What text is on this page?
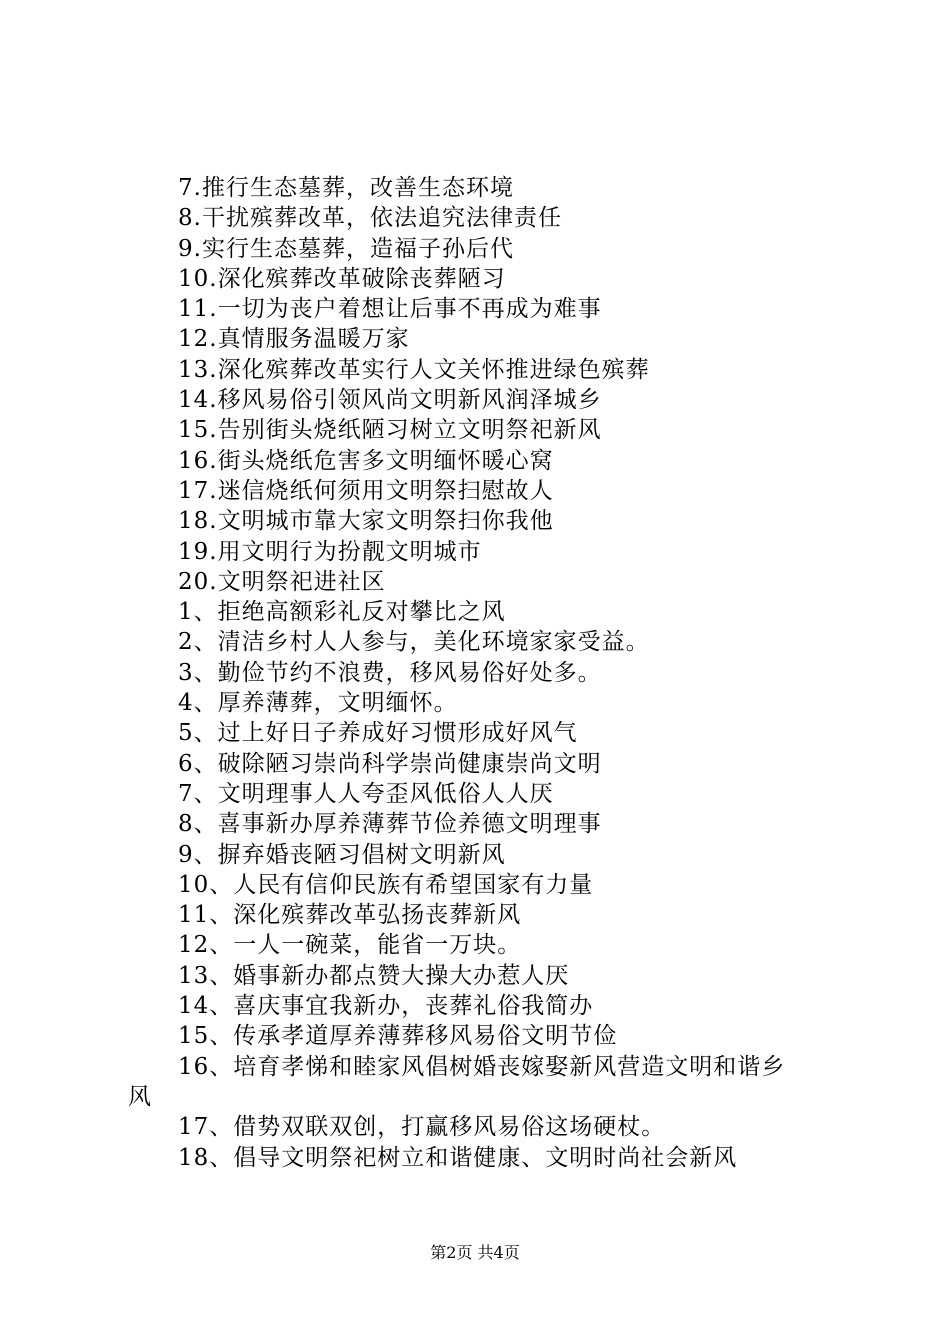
7.推行生态墓葬，改善生态环境
8.干扰殡葬改革，依法追究法律责任
9.实行生态墓葬，造福子孙后代
10.深化殡葬改革破除丧葬陋习
11.一切为丧户着想让后事不再成为难事
12.真情服务温暖万家
13.深化殡葬改革实行人文关怀推进绿色殡葬
14.移风易俗引领风尚文明新风润泽城乡
15.告别街头烧纸陋习树立文明祭祀新风
16.街头烧纸危害多文明缅怀暖心窝
17.迷信烧纸何须用文明祭扫慰故人
18.文明城市靠大家文明祭扫你我他
19.用文明行为扮靓文明城市
20.文明祭祀进社区
1、拒绝高额彩礼反对攀比之风
2、清洁乡村人人参与，美化环境家家受益。
3、勤俭节约不浪费，移风易俗好处多。
4、厚养薄葬，文明缅怀。
5、过上好日子养成好习惯形成好风气
6、破除陋习崇尚科学崇尚健康崇尚文明
7、文明理事人人夸歪风低俗人人厌
8、喜事新办厚养薄葬节俭养德文明理事
9、摒弃婚丧陋习倡树文明新风
10、人民有信仰民族有希望国家有力量
11、深化殡葬改革弘扬丧葬新风
12、一人一碗菜，能省一万块。
13、婚事新办都点赞大操大办惹人厌
14、喜庆事宜我新办，丧葬礼俗我简办
15、传承孝道厚养薄葬移风易俗文明节俭
16、培育孝悌和睦家风倡树婚丧嫁娶新风营造文明和谐乡
风
17、借势双联双创，打赢移风易俗这场硬杖。
18、倡导文明祭祀树立和谐健康、文明时尚社会新风
第2页 共4页
